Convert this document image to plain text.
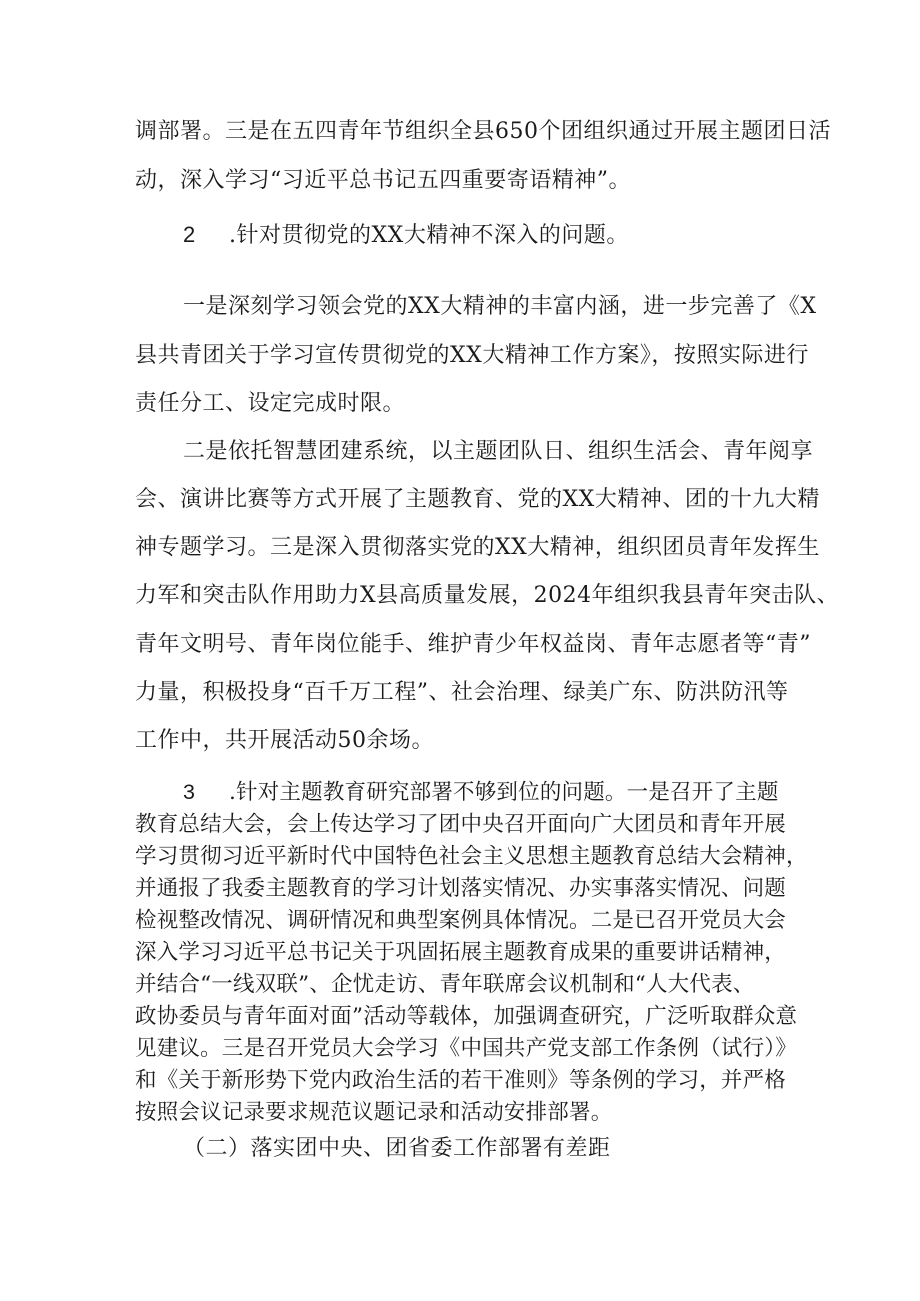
调部署。三是在五四青年节组织全县650个团组织通过开展主题团日活
动，深入学习“习近平总书记五四重要寄语精神”。
2 .针对贯彻党的XX大精神不深入的问题。
一是深刻学习领会党的XX大精神的丰富内涵，进一步完善了《X
县共青团关于学习宣传贯彻党的XX大精神工作方案》，按照实际进行
责任分工、设定完成时限。
二是依托智慧团建系统，以主题团队日、组织生活会、青年阅享
会、演讲比赛等方式开展了主题教育、党的XX大精神、团的十九大精
神专题学习。三是深入贯彻落实党的XX大精神，组织团员青年发挥生
力军和突击队作用助力X县高质量发展，2024年组织我县青年突击队、
青年文明号、青年岗位能手、维护青少年权益岗、青年志愿者等“青”
力量，积极投身“百千万工程”、社会治理、绿美广东、防洪防汛等
工作中，共开展活动50余场。
3 .针对主题教育研究部署不够到位的问题。一是召开了主题
教育总结大会，会上传达学习了团中央召开面向广大团员和青年开展
学习贯彻习近平新时代中国特色社会主义思想主题教育总结大会精神，
并通报了我委主题教育的学习计划落实情况、办实事落实情况、问题
检视整改情况、调研情况和典型案例具体情况。二是已召开党员大会
深入学习习近平总书记关于巩固拓展主题教育成果的重要讲话精神，
并结合“一线双联”、企忧走访、青年联席会议机制和“人大代表、
政协委员与青年面对面”活动等载体，加强调查研究，广泛听取群众意
见建议。三是召开党员大会学习《中国共产党支部工作条例（试行）》
和《关于新形势下党内政治生活的若干准则》等条例的学习，并严格
按照会议记录要求规范议题记录和活动安排部署。
（二）落实团中央、团省委工作部署有差距
